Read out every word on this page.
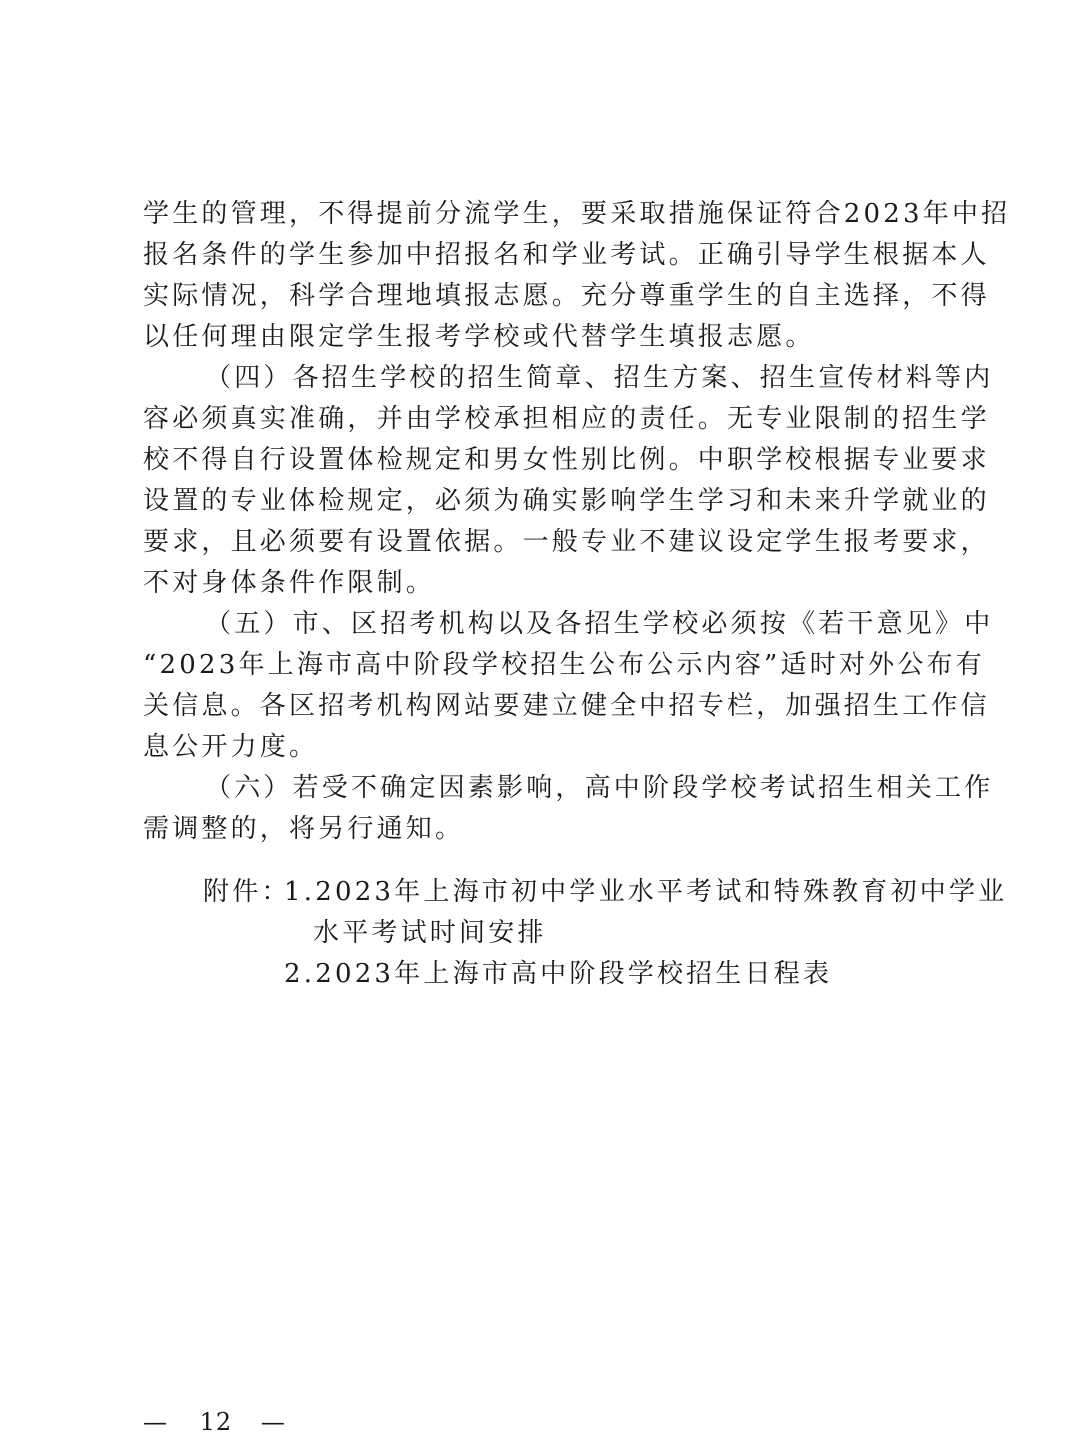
学生的管理，不得提前分流学生，要采取措施保证符合2023年中招
报名条件的学生参加中招报名和学业考试。正确引导学生根据本人
实际情况，科学合理地填报志愿。充分尊重学生的自主选择，不得
以任何理由限定学生报考学校或代替学生填报志愿。
（四）各招生学校的招生简章、招生方案、招生宣传材料等内
容必须真实准确，并由学校承担相应的责任。无专业限制的招生学
校不得自行设置体检规定和男女性别比例。中职学校根据专业要求
设置的专业体检规定，必须为确实影响学生学习和未来升学就业的
要求，且必须要有设置依据。一般专业不建议设定学生报考要求，
不对身体条件作限制。
（五）市、区招考机构以及各招生学校必须按《若干意见》中
“2023年上海市高中阶段学校招生公布公示内容”适时对外公布有
关信息。各区招考机构网站要建立健全中招专栏，加强招生工作信
息公开力度。
（六）若受不确定因素影响，高中阶段学校考试招生相关工作
需调整的，将另行通知。
附件：
1.2023年上海市初中学业水平考试和特殊教育初中学业
水平考试时间安排
2.2023年上海市高中阶段学校招生日程表
— 12 —
